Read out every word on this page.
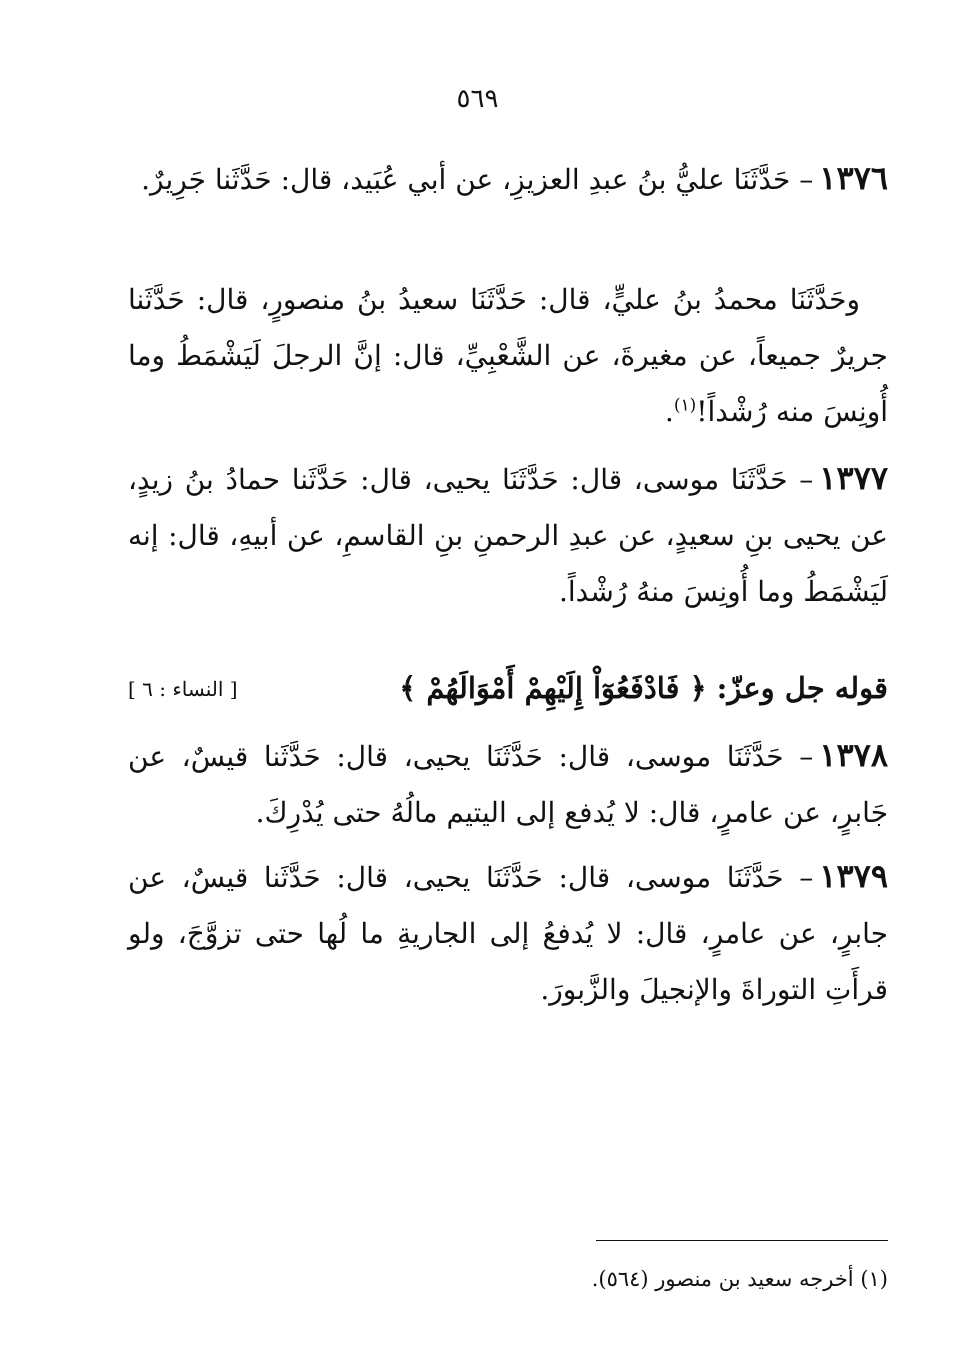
٥٦٩
١٣٧٦– حَدَّثَنَا عليُّ بنُ عبدِ العزيزِ، عن أبي عُبَيد، قال: حَدَّثَنا جَرِيرٌ.
وحَدَّثَنَا محمدُ بنُ عليٍّ، قال: حَدَّثَنَا سعيدُ بنُ منصورٍ، قال: حَدَّثَنا جريرٌ جميعاً، عن مغيرةَ، عن الشَّعْبِيِّ، قال: إنَّ الرجلَ لَيَشْمَطُ وما أُونِسَ منه رُشْداً!$^{(١)}$.
١٣٧٧– حَدَّثَنَا موسى، قال: حَدَّثَنَا يحيى، قال: حَدَّثَنا حمادُ بنُ زيدٍ، عن يحيى بنِ سعيدٍ، عن عبدِ الرحمنِ بنِ القاسمِ، عن أبيهِ، قال: إنه لَيَشْمَطُ وما أُونِسَ منهُ رُشْداً.
قوله جل وعزّ: ﴿ فَادْفَعُوٓاْ إِلَيْهِمْ أَمْوَالَهُمْ ﴾
[ النساء : ٦ ]
١٣٧٨– حَدَّثَنَا موسى، قال: حَدَّثَنَا يحيى، قال: حَدَّثَنا قيسٌ، عن جَابرٍ، عن عامرٍ، قال: لا يُدفع إلى اليتيم مالُهُ حتى يُدْرِكَ.
١٣٧٩– حَدَّثَنَا موسى، قال: حَدَّثَنَا يحيى، قال: حَدَّثَنا قيسٌ، عن جابرٍ، عن عامرٍ، قال: لا يُدفعُ إلى الجاريةِ ما لُها حتى تزوَّجَ، ولو قرأَتِ التوراةَ والإنجيلَ والزَّبورَ.
(١) أخرجه سعيد بن منصور (٥٦٤).
